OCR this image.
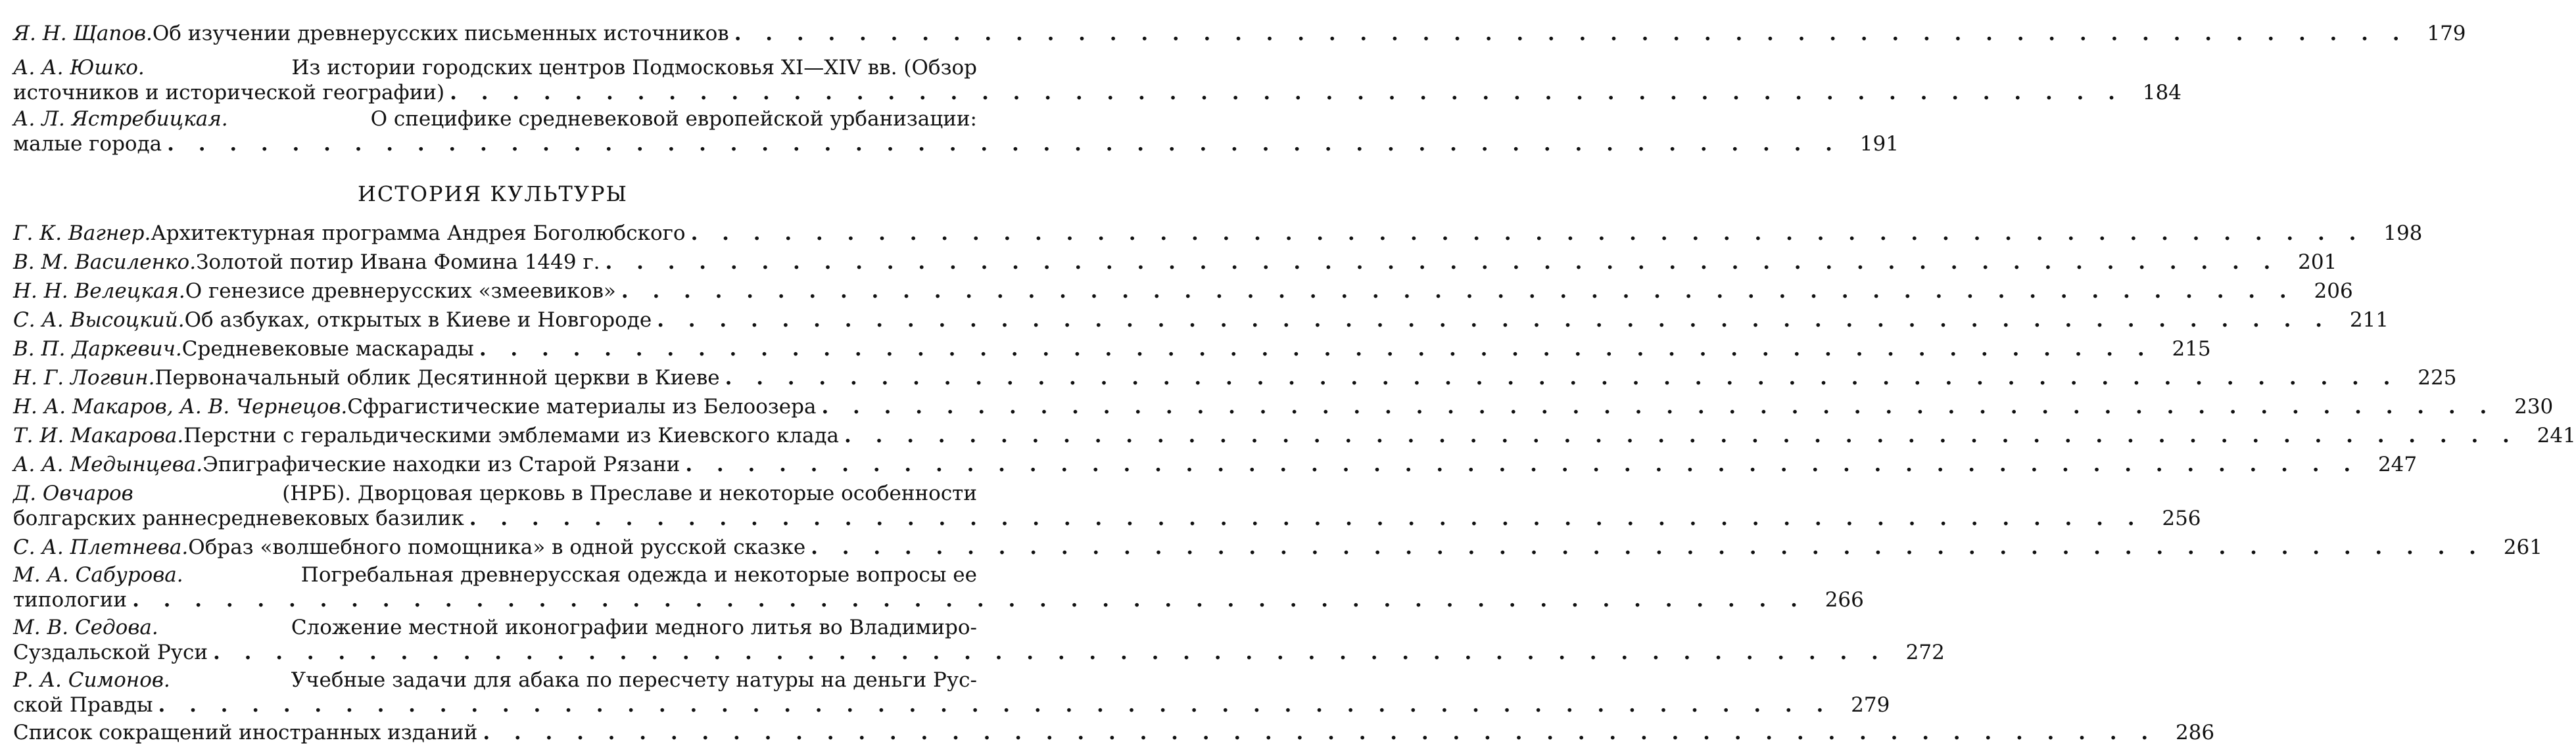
Я. Н. Щапов. Об изучении древнерусских письменных источников . . . . . . . . . . . . . . . . . . . . . . . . . . . . . . . . . . . . . . . . . . . . . . . . . . . . . . 179
А. А. Юшко.	Из истории городских центров Подмосковья XI—XIV вв. (Обзор
источников и исторической географии) . . . . . . . . . . . . . . . . . . . . . . . . . . . . . . . . . . . . . . . . . . . . . . . . . . . . . . 184
А. Л. Ястребицкая.	О специфике средневековой европейской урбанизации:
малые города . . . . . . . . . . . . . . . . . . . . . . . . . . . . . . . . . . . . . . . . . . . . . . . . . . . . . . 191
ИСТОРИЯ КУЛЬТУРЫ
Г. К. Вагнер. Архитектурная программа Андрея Боголюбского . . . . . . . . . . . . . . . . . . . . . . . . . . . . . . . . . . . . . . . . . . . . . . . . . . . . . . 198
В. М. Василенко. Золотой потир Ивана Фомина 1449 г. . . . . . . . . . . . . . . . . . . . . . . . . . . . . . . . . . . . . . . . . . . . . . . . . . . . . . . 201
Н. Н. Велецкая. О генезисе древнерусских «змеевиков» . . . . . . . . . . . . . . . . . . . . . . . . . . . . . . . . . . . . . . . . . . . . . . . . . . . . . . 206
С. А. Высоцкий. Об азбуках, открытых в Киеве и Новгороде . . . . . . . . . . . . . . . . . . . . . . . . . . . . . . . . . . . . . . . . . . . . . . . . . . . . . . 211
В. П. Даркевич. Средневековые маскарады . . . . . . . . . . . . . . . . . . . . . . . . . . . . . . . . . . . . . . . . . . . . . . . . . . . . . . 215
Н. Г. Логвин. Первоначальный облик Десятинной церкви в Киеве . . . . . . . . . . . . . . . . . . . . . . . . . . . . . . . . . . . . . . . . . . . . . . . . . . . . . . 225
Н. А. Макаров, А. В. Чернецов. Сфрагистические материалы из Белоозера . . . . . . . . . . . . . . . . . . . . . . . . . . . . . . . . . . . . . . . . . . . . . . . . . . . . . . 230
Т. И. Макарова. Перстни с геральдическими эмблемами из Киевского клада . . . . . . . . . . . . . . . . . . . . . . . . . . . . . . . . . . . . . . . . . . . . . . . . . . . . . . 241
А. А. Медынцева. Эпиграфические находки из Старой Рязани . . . . . . . . . . . . . . . . . . . . . . . . . . . . . . . . . . . . . . . . . . . . . . . . . . . . . . 247
Д. Овчаров	(НРБ). Дворцовая церковь в Преславе и некоторые особенности
болгарских раннесредневековых базилик . . . . . . . . . . . . . . . . . . . . . . . . . . . . . . . . . . . . . . . . . . . . . . . . . . . . . . 256
С. А. Плетнева. Образ «волшебного помощника» в одной русской сказке . . . . . . . . . . . . . . . . . . . . . . . . . . . . . . . . . . . . . . . . . . . . . . . . . . . . . . 261
М. А. Сабурова.	Погребальная древнерусская одежда и некоторые вопросы ее
типологии . . . . . . . . . . . . . . . . . . . . . . . . . . . . . . . . . . . . . . . . . . . . . . . . . . . . . . 266
М. В. Седова.	Сложение местной иконографии медного литья во Владимиро-
Суздальской Руси . . . . . . . . . . . . . . . . . . . . . . . . . . . . . . . . . . . . . . . . . . . . . . . . . . . . . . 272
Р. А. Симонов.	Учебные задачи для абака по пересчету натуры на деньги Рус-
ской Правды . . . . . . . . . . . . . . . . . . . . . . . . . . . . . . . . . . . . . . . . . . . . . . . . . . . . . . 279
Список сокращений иностранных изданий . . . . . . . . . . . . . . . . . . . . . . . . . . . . . . . . . . . . . . . . . . . . . . . . . . . . . . 286
